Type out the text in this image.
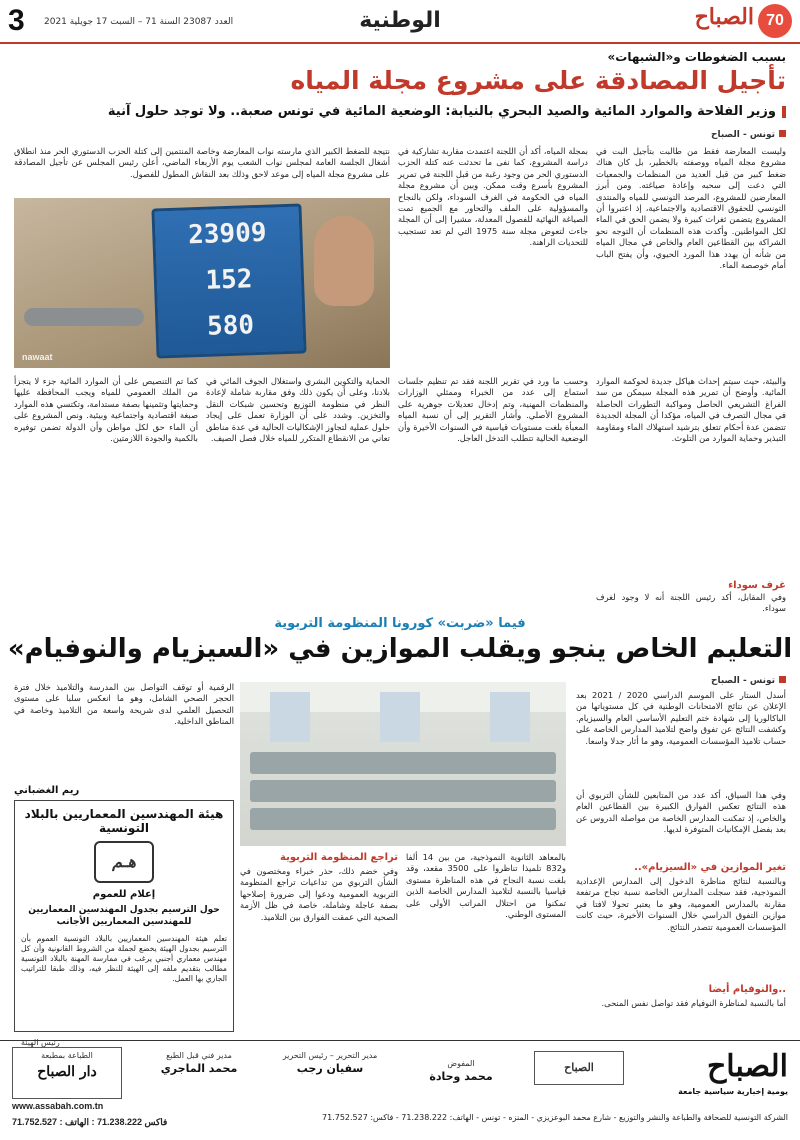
3 العدد 23087 السنة 71 – السبت 17 جويلية 2021	الوطنية	70
الصباح
بسبب الضغوطات و«الشبهات»
تأجيل المصادقة على مشروع مجلة المياه
وزير الفلاحة والموارد المائية والصيد البحري بالنيابة: الوضعية المائية في تونس صعبة.. ولا توجد حلول آنية
تونس - الصباح
وليست المعارضة فقط من طالبت بتأجيل البت في مشروع مجلة المياه ووصفته بالخطير، بل كان هناك ضغط كبير من قبل العديد من المنظمات والجمعيات التي دعت إلى سحبه وإعادة صياغته. ومن أبرز المعارضين للمشروع، المرصد التونسي للمياه والمنتدى التونسي للحقوق الاقتصادية والاجتماعية، إذ اعتبروا أن المشروع يتضمن ثغرات كبيرة ولا يضمن الحق في الماء لكل المواطنين. وأكدت هذه المنظمات أن التوجه نحو الشراكة بين القطاعين العام والخاص في مجال المياه من شأنه أن يهدد هذا المورد الحيوي، وأن يفتح الباب أمام خوصصة الماء.
بمجلة المياه، أكد أن اللجنة اعتمدت مقاربة تشاركية في دراسة المشروع، كما نفى ما تحدثت عنه كتلة الحزب الدستوري الحر من وجود رغبة من قبل اللجنة في تمرير المشروع بأسرع وقت ممكن. وبين أن مشروع مجلة المياه في الحكومة في الغرف السوداء، ولكن بالنجاح والمسؤولية على الملف والتحاور مع الجميع تمت الصياغة النهائية للفصول المعدلة، مشيرا إلى أن المجلة جاءت لتعوض مجلة سنة 1975 التي لم تعد تستجيب للتحديات الراهنة.
نتيجة للضغط الكبير الذي مارسته نواب المعارضة وخاصة المنتمين إلى كتلة الحزب الدستوري الحر منذ انطلاق أشغال الجلسة العامة لمجلس نواب الشعب يوم الأربعاء الماضي، أعلن رئيس المجلس عن تأجيل المصادقة على مشروع مجلة المياه إلى موعد لاحق وذلك بعد النقاش المطول للفصول.
23909
152
580
nawaat
الحماية والتكوين البشري واستغلال الجوف المائي في بلادنا، وعلى أن يكون ذلك وفق مقاربة شاملة لإعادة النظر في منظومة التوزيع وتحسين شبكات النقل والتخزين. وشدد على أن الوزارة تعمل على إيجاد حلول عملية لتجاوز الإشكاليات الحالية في عدة مناطق تعاني من الانقطاع المتكرر للمياه خلال فصل الصيف.
كما تم التنصيص على أن الموارد المائية جزء لا يتجزأ من الملك العمومي للمياه ويجب المحافظة عليها وحمايتها وتثمينها بصفة مستدامة، وتكتسي هذه الموارد صبغة اقتصادية واجتماعية وبيئية. ونص المشروع على أن الماء حق لكل مواطن وأن الدولة تضمن توفيره بالكمية والجودة اللازمتين.
والبيئة، حيث سيتم إحداث هياكل جديدة لحوكمة الموارد المائية. وأوضح أن تمرير هذه المجلة سيمكن من سد الفراغ التشريعي الحاصل ومواكبة التطورات الحاصلة في مجال التصرف في المياه، مؤكدا أن المجلة الجديدة تتضمن عدة أحكام تتعلق بترشيد استهلاك الماء ومقاومة التبذير وحماية الموارد من التلوث.
وحسب ما ورد في تقرير اللجنة فقد تم تنظيم جلسات استماع إلى عدد من الخبراء وممثلي الوزارات والمنظمات المهنية، وتم إدخال تعديلات جوهرية على المشروع الأصلي. وأشار التقرير إلى أن نسبة المياه المعبأة بلغت مستويات قياسية في السنوات الأخيرة وأن الوضعية الحالية تتطلب التدخل العاجل.
غرف سوداء
وفي المقابل، أكد رئيس اللجنة أنه لا وجود لغرف سوداء.
فيما «ضربت» كورونا المنظومة التربوية
التعليم الخاص ينجو ويقلب الموازين في «السيزيام والنوفيام»
تونس - الصباح
أسدل الستار على الموسم الدراسي 2020 / 2021 بعد الإعلان عن نتائج الامتحانات الوطنية في كل مستوياتها من الباكالوريا إلى شهادة ختم التعليم الأساسي العام والسيزيام. وكشفت النتائج عن تفوق واضح لتلاميذ المدارس الخاصة على حساب تلاميذ المؤسسات العمومية، وهو ما أثار جدلا واسعا.
الرقمية أو توقف التواصل بين المدرسة والتلاميذ خلال فترة الحجر الصحي الشامل، وهو ما انعكس سلبا على مستوى التحصيل العلمي لدى شريحة واسعة من التلاميذ وخاصة في المناطق الداخلية.
ريم الغضباني
هيئة المهندسين المعماريين بالبلاد التونسية
هـم
إعلام للعموم
حول الترسيم بجدول المهندسين المعماريين للمهندسين المعماريين الأجانب
تعلم هيئة المهندسين المعماريين بالبلاد التونسية العموم بأن الترسيم بجدول الهيئة يخضع لجملة من الشروط القانونية وأن كل مهندس معماري أجنبي يرغب في ممارسة المهنة بالبلاد التونسية مطالب بتقديم ملفه إلى الهيئة للنظر فيه، وذلك طبقا للتراتيب الجاري بها العمل.
رئيس الهيئة
وفي هذا السياق، أكد عدد من المتابعين للشأن التربوي أن هذه النتائج تعكس الفوارق الكبيرة بين القطاعين العام والخاص، إذ تمكنت المدارس الخاصة من مواصلة الدروس عن بعد بفضل الإمكانيات المتوفرة لديها.
تغير الموازين في «السيزيام»..
وبالنسبة لنتائج مناظرة الدخول إلى المدارس الإعدادية النموذجية، فقد سجلت المدارس الخاصة نسبة نجاح مرتفعة مقارنة بالمدارس العمومية، وهو ما يعتبر تحولا لافتا في موازين التفوق الدراسي خلال السنوات الأخيرة، حيث كانت المؤسسات العمومية تتصدر النتائج.
..والنوفيام أيضا
أما بالنسبة لمناظرة النوفيام فقد تواصل نفس المنحى.
بالمعاهد الثانوية النموذجية، من بين 14 ألفا و832 تلميذا تناظروا على 3500 مقعد، وقد بلغت نسبة النجاح في هذه المناظرة مستوى قياسيا بالنسبة لتلاميذ المدارس الخاصة الذين تمكنوا من احتلال المراتب الأولى على المستوى الوطني.
تراجع المنظومة التربوية
وفي خضم ذلك، حذر خبراء ومختصون في الشأن التربوي من تداعيات تراجع المنظومة التربوية العمومية ودعوا إلى ضرورة إصلاحها بصفة عاجلة وشاملة، خاصة في ظل الأزمة الصحية التي عمقت الفوارق بين التلاميذ.
الصباح
يومية إخبارية سياسية جامعة
الصباح
المفوض
محمد وحادة
مدير التحرير – رئيس التحرير
سفيان رجب
مدير فني قبل الطبع
محمد الماجري
الطباعة بمطبعة
دار الصباح
www.assabah.com.tn
الشركة التونسية للصحافة والطباعة والنشر والتوزيع - شارع محمد البوعزيزي - المنزه - تونس - الهاتف: 71.238.222 - فاكس: 71.752.527
71.752.527 : فاكس 71.238.222 : الهاتف
